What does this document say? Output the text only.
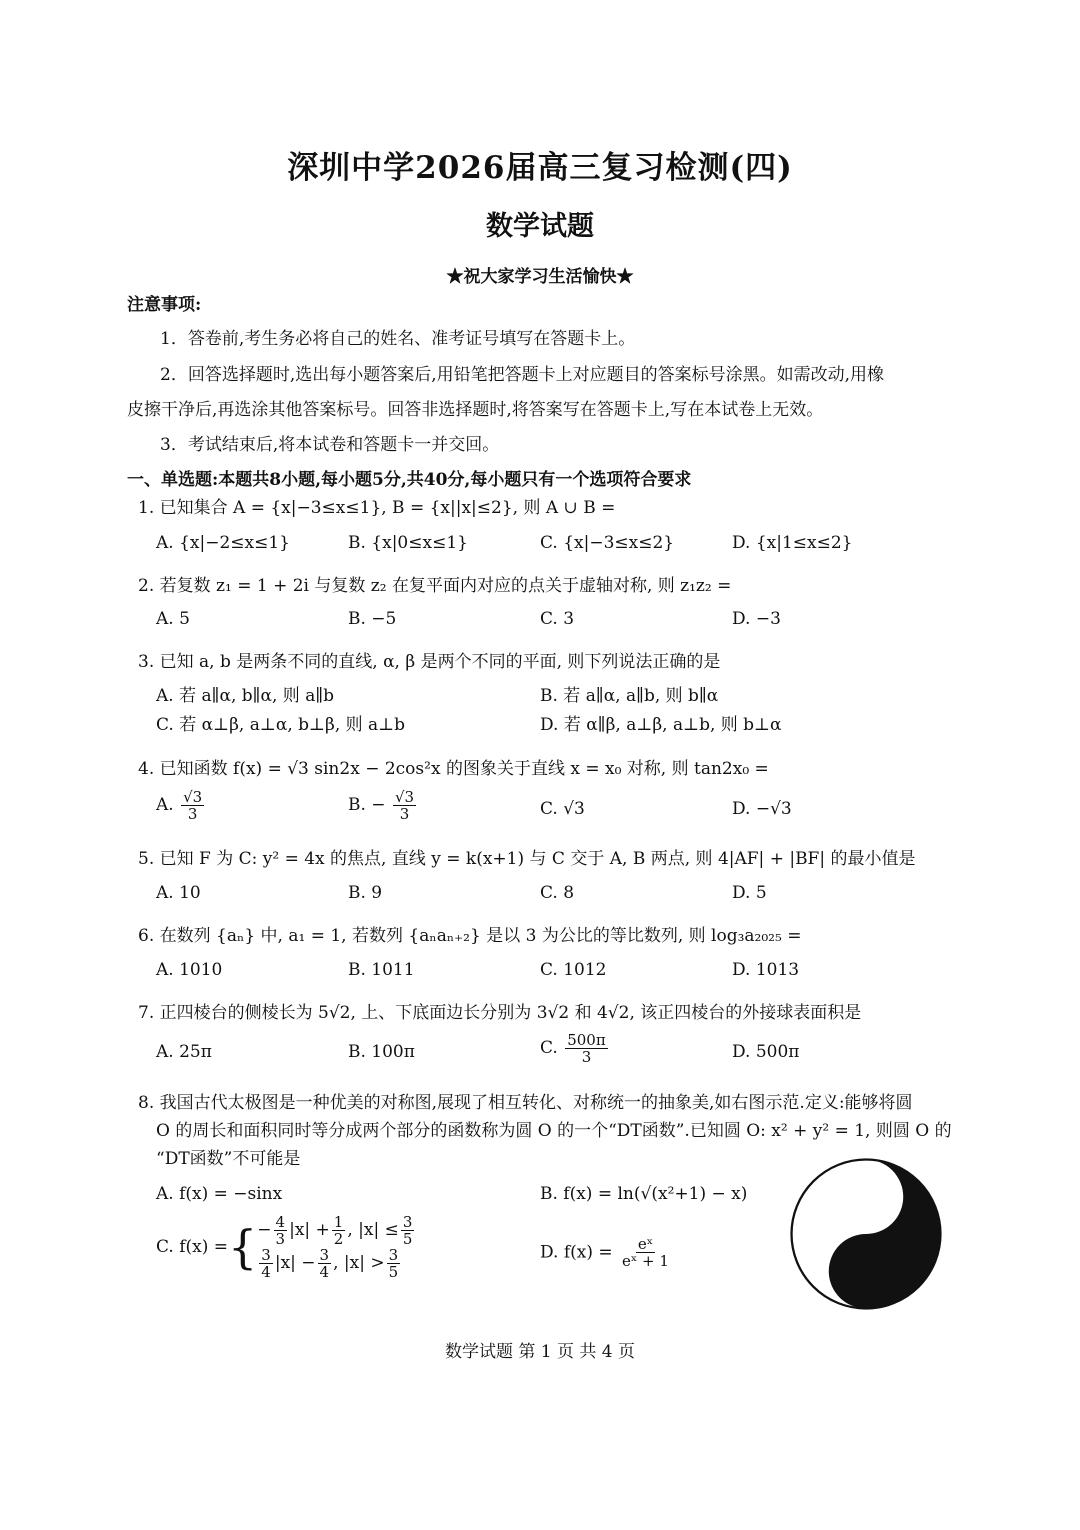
深圳中学2026届高三复习检测(四)
数学试题
★祝大家学习生活愉快★
注意事项:
1．答卷前,考生务必将自己的姓名、准考证号填写在答题卡上。
2．回答选择题时,选出每小题答案后,用铅笔把答题卡上对应题目的答案标号涂黑。如需改动,用橡
皮擦干净后,再选涂其他答案标号。回答非选择题时,将答案写在答题卡上,写在本试卷上无效。
3．考试结束后,将本试卷和答题卡一并交回。
一、单选题:本题共8小题,每小题5分,共40分,每小题只有一个选项符合要求
1. 已知集合 A = {x|−3≤x≤1}, B = {x||x|≤2}, 则 A ∪ B =
A. {x|−2≤x≤1}	B. {x|0≤x≤1}	C. {x|−3≤x≤2}	D. {x|1≤x≤2}
2. 若复数 z₁ = 1 + 2i 与复数 z₂ 在复平面内对应的点关于虚轴对称, 则 z₁z₂ =
A. 5	B. −5	C. 3	D. −3
3. 已知 a, b 是两条不同的直线, α, β 是两个不同的平面, 则下列说法正确的是
A. 若 a∥α, b∥α, 则 a∥b	B. 若 a∥α, a∥b, 则 b∥α
C. 若 α⊥β, a⊥α, b⊥β, 则 a⊥b	D. 若 α∥β, a⊥β, a⊥b, 则 b⊥α
4. 已知函数 f(x) = √3 sin2x − 2cos²x 的图象关于直线 x = x₀ 对称, 则 tan2x₀ =
A. $\frac{√3}{3}$	B. − $\frac{√3}{3}$	C. √3	D. −√3
5. 已知 F 为 C: y² = 4x 的焦点, 直线 y = k(x+1) 与 C 交于 A, B 两点, 则 4|AF| + |BF| 的最小值是
A. 10	B. 9	C. 8	D. 5
6. 在数列 {aₙ} 中, a₁ = 1, 若数列 {aₙaₙ₊₂} 是以 3 为公比的等比数列, 则 log₃a₂₀₂₅ =
A. 1010	B. 1011	C. 1012	D. 1013
7. 正四棱台的侧棱长为 5√2, 上、下底面边长分别为 3√2 和 4√2, 该正四棱台的外接球表面积是
A. 25π	B. 100π	C. $\frac{500\pi}{3}$	D. 500π
8. 我国古代太极图是一种优美的对称图,展现了相互转化、对称统一的抽象美,如右图示范.定义:能够将圆
O 的周长和面积同时等分成两个部分的函数称为圆 O 的一个“DT函数”.已知圆 O: x² + y² = 1, 则圆 O 的
“DT函数”不可能是
A. f(x) = −sinx	B. f(x) = ln(√(x²+1) − x)
C. f(x) ={ − $\frac{4}{3} |x| + \frac{1}{2}$ , $|x| \le \frac{3}{5}$
$\frac{3}{4} |x| - \frac{3}{4}$ , $|x| > \frac{3}{5}$	D. $f(x) = \frac{\text{eˣ}}{\text{eˣ + 1}}$
数学试题 第 1 页 共 4 页
